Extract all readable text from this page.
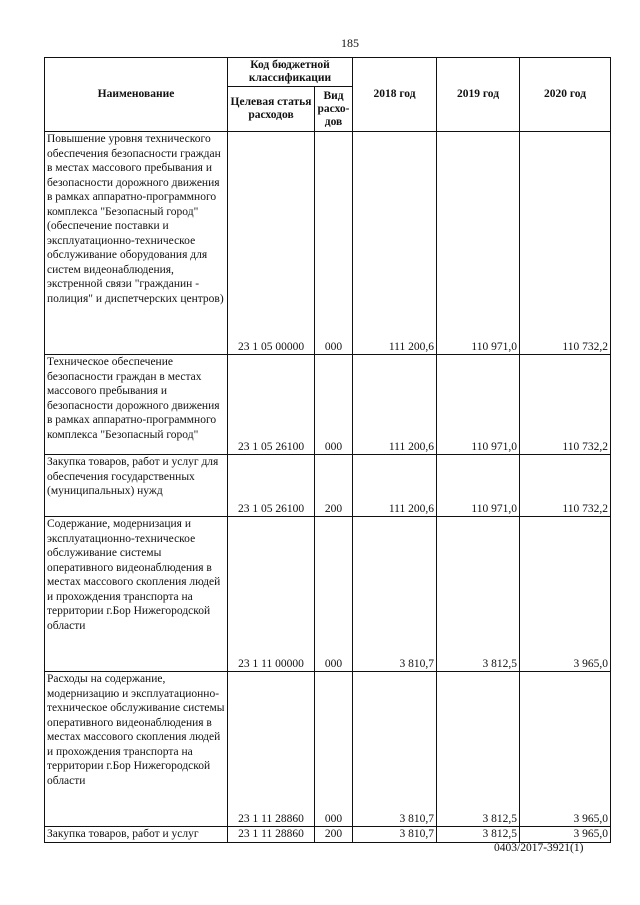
185
Наименование	Код бюджетной классификации		2018 год	2019 год	2020 год
	Целевая статья расходов	Вид расхо-дов			
Повышение уровня технического обеспечения безопасности граждан в местах массового пребывания и безопасности дорожного движения в рамках аппаратно-программного комплекса "Безопасный город" (обеспечение поставки и эксплуатационно-техническое обслуживание оборудования для систем видеонаблюдения, экстренной связи "гражданин - полиция" и диспетчерских центров)	23 1 05 00000	000	111 200,6	110 971,0	110 732,2
Техническое обеспечение безопасности граждан в местах массового пребывания и безопасности дорожного движения в рамках аппаратно-программного комплекса "Безопасный город"	23 1 05 26100	000	111 200,6	110 971,0	110 732,2
Закупка товаров, работ и услуг для обеспечения государственных (муниципальных) нужд	23 1 05 26100	200	111 200,6	110 971,0	110 732,2
Содержание, модернизация и эксплуатационно-техническое обслуживание системы оперативного видеонаблюдения в местах массового скопления людей и прохождения транспорта на территории г.Бор Нижегородской области	23 1 11 00000	000	3 810,7	3 812,5	3 965,0
Расходы на содержание, модернизацию и эксплуатационно-техническое обслуживание системы оперативного видеонаблюдения в местах массового скопления людей и прохождения транспорта на территории г.Бор Нижегородской области	23 1 11 28860	000	3 810,7	3 812,5	3 965,0
Закупка товаров, работ и услуг	23 1 11 28860	200	3 810,7	3 812,5	3 965,0
0403/2017-3921(1)
